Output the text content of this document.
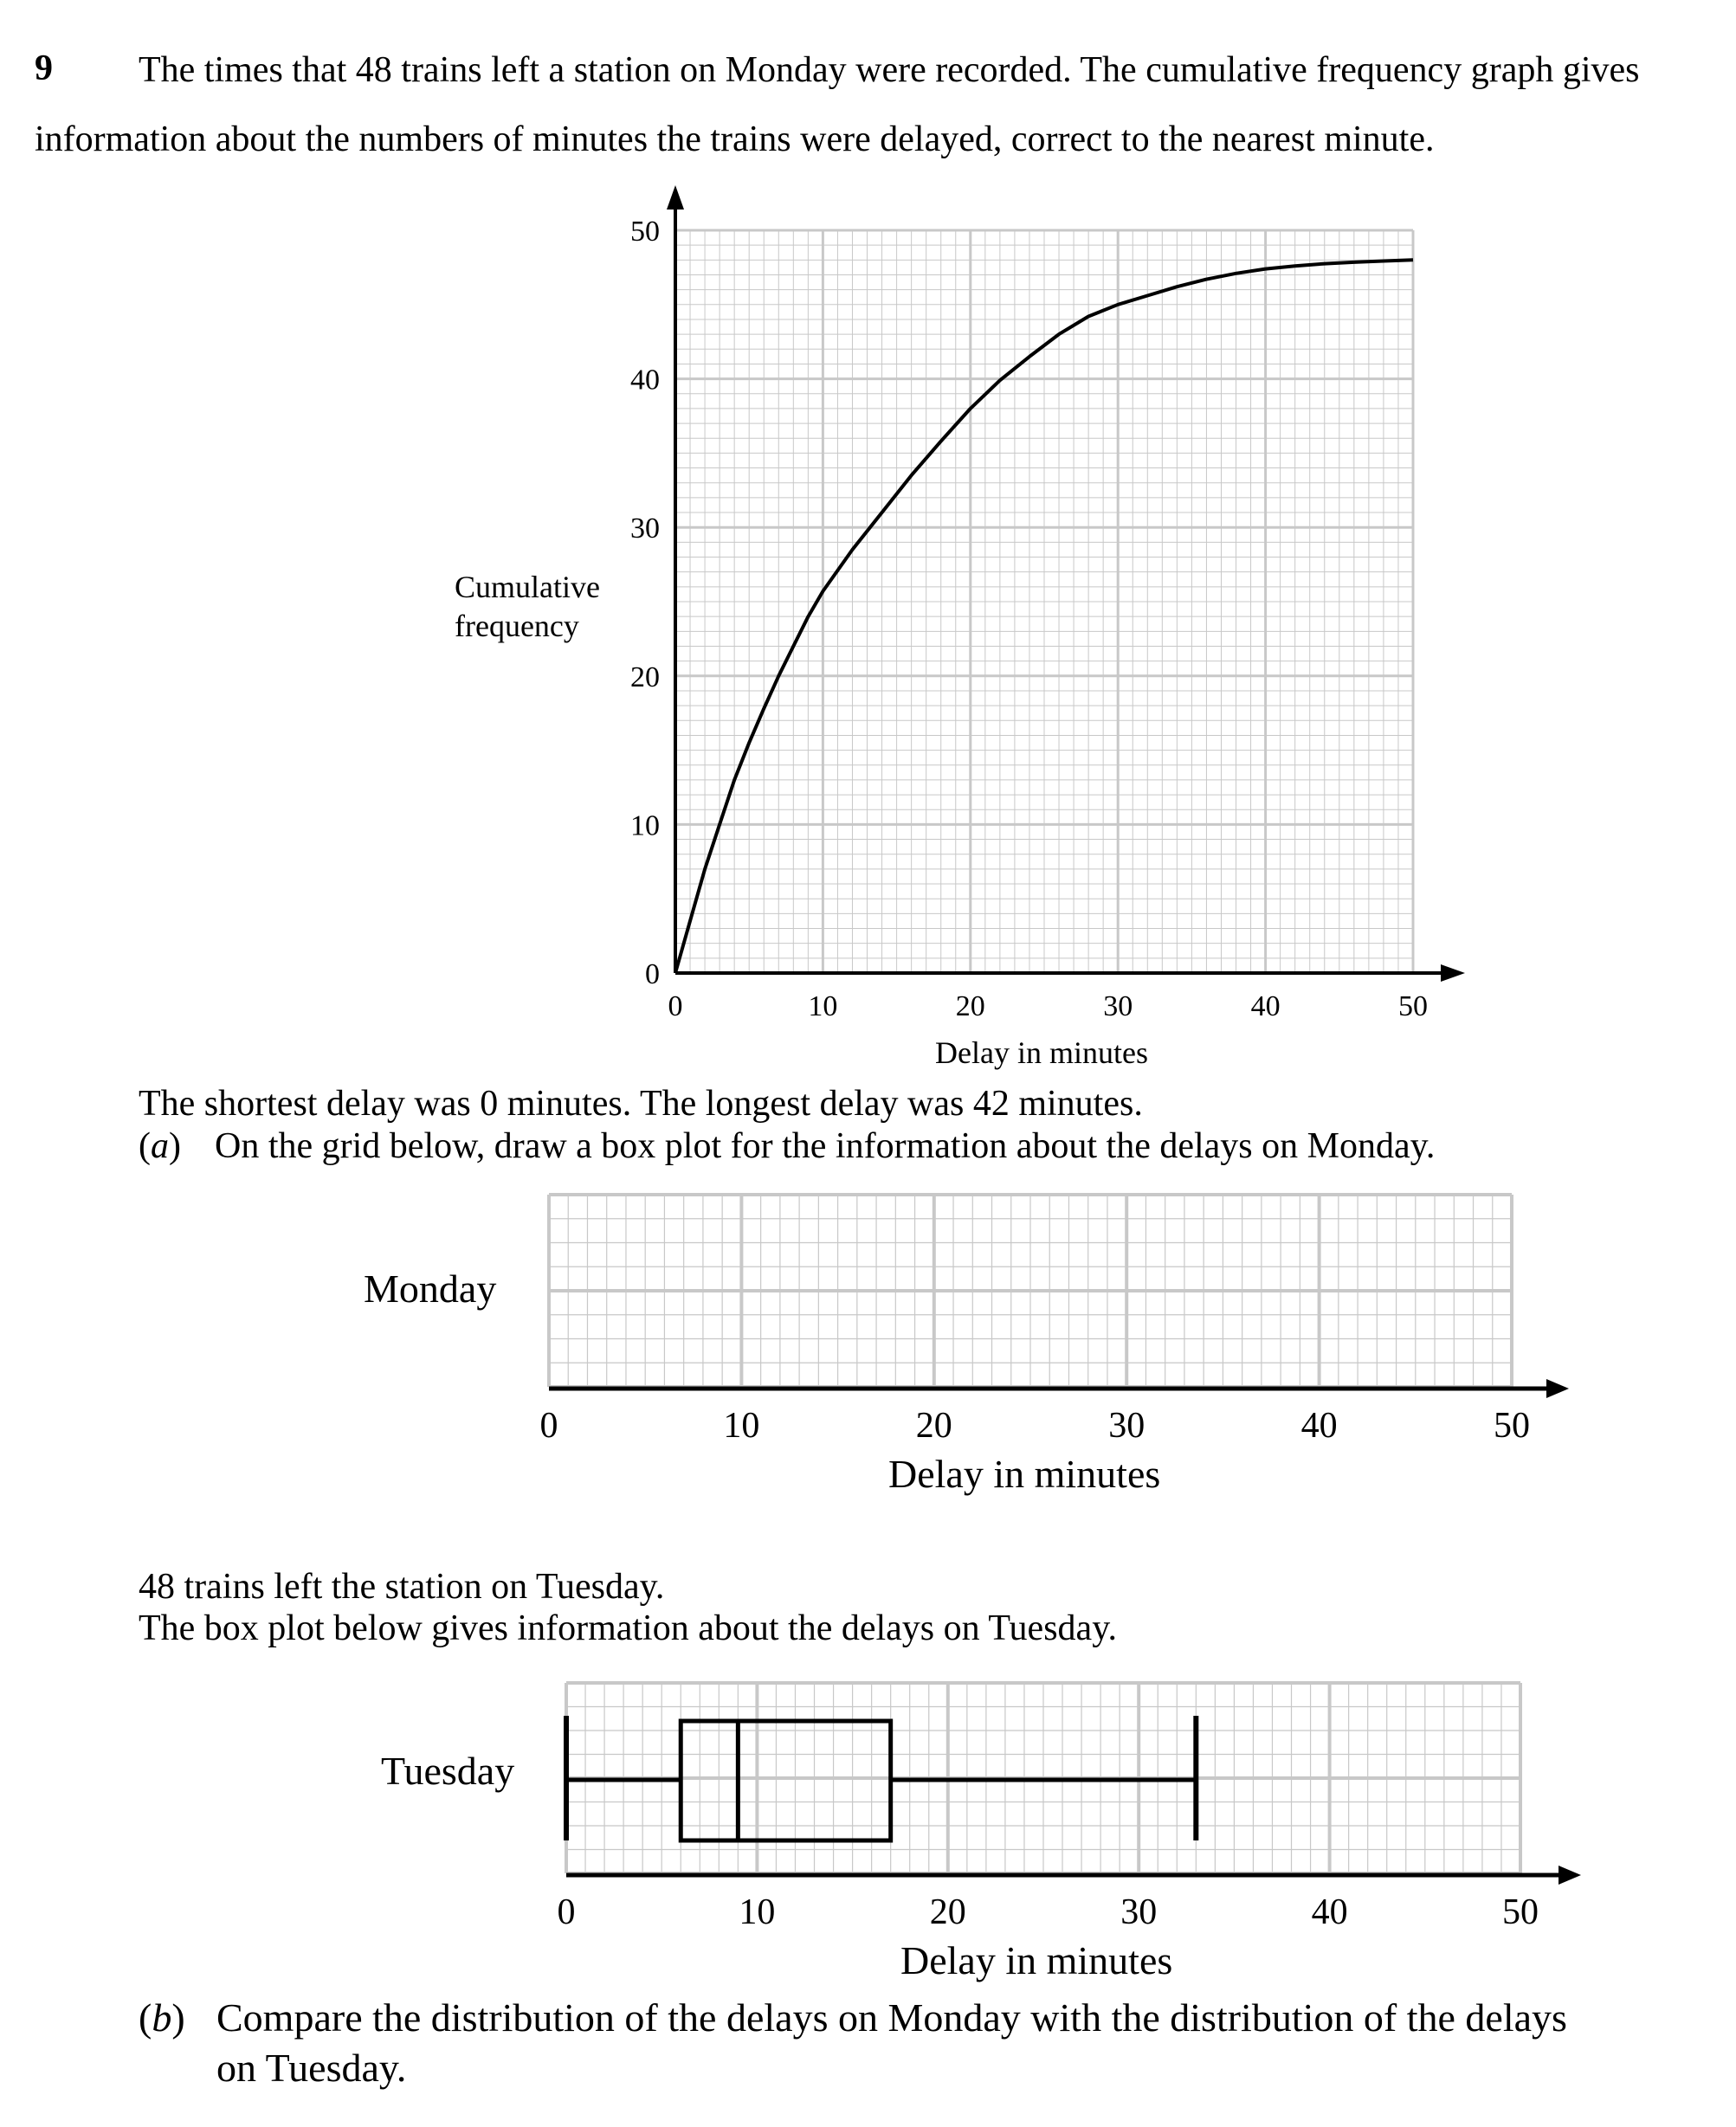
9 The times that 48 trains left a station on Monday were recorded. The cumulative frequency graph gives
information about the numbers of minutes the trains were delayed, correct to the nearest minute.
Cumulative
frequency
The shortest delay was 0 minutes. The longest delay was 42 minutes.
(a) On the grid below, draw a box plot for the information about the delays on Monday.
Monday
Delay in minutes
48 trains left the station on Tuesday.
The box plot below gives information about the delays on Tuesday.
Tuesday
Delay in minutes
(b) Compare the distribution of the delays on Monday with the distribution of the delays
on Tuesday.
Delay in minutes
0	10	20	30	40	50
0
10
20
30
40
50
0	10	20	30	40	50
0	10	20	30	40	50
